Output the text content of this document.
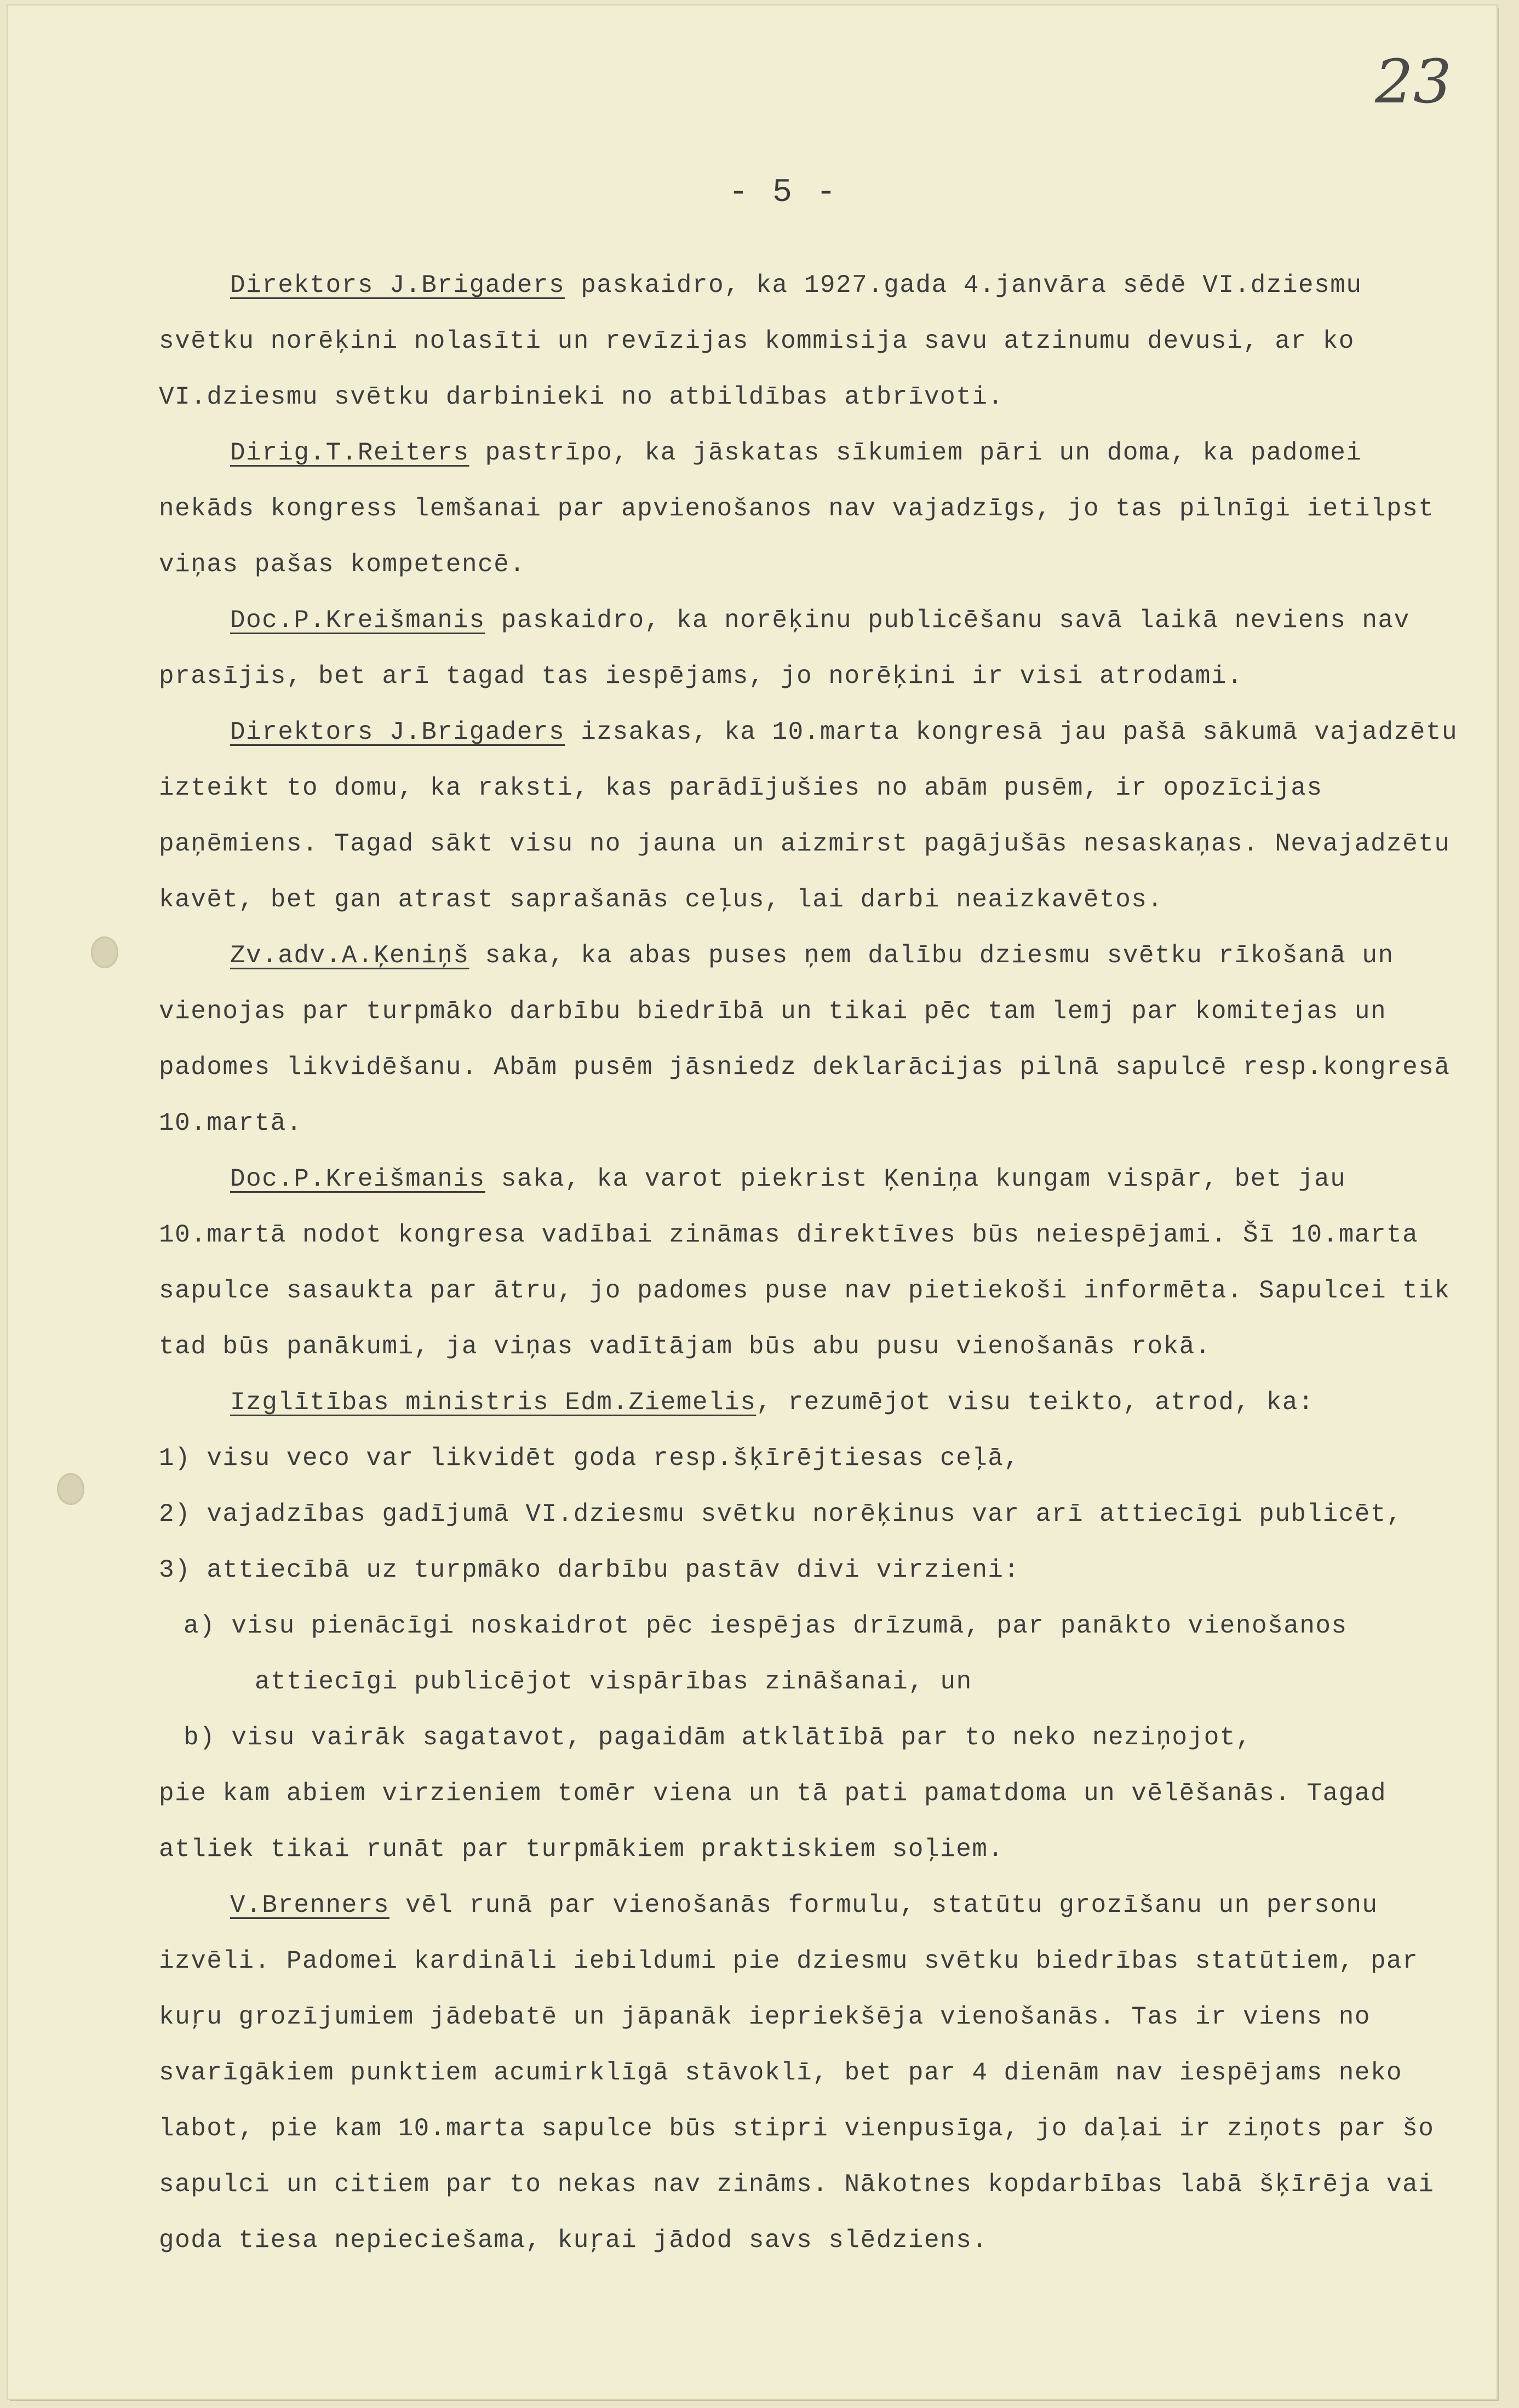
23
- 5 -

Direktors J.Brigaders paskaidro, ka 1927.gada 4.janvāra sēdē VI.dziesmu svētku norēķini nolasīti un revīzijas kommisija savu atzinumu devusi, ar ko VI.dziesmu svētku darbinieki no atbildības atbrīvoti.

Dirig.T.Reiters pastrīpo, ka jāskatas sīkumiem pāri un doma, ka padomei nekāds kongress lemšanai par apvienošanos nav vajadzīgs, jo tas pilnīgi ietilpst viņas pašas kompetencē.

Doc.P.Kreišmanis paskaidro, ka norēķinu publicēšanu savā laikā neviens nav prasījis, bet arī tagad tas iespējams, jo norēķini ir visi atrodami.

Direktors J.Brigaders izsakas, ka 10.marta kongresā jau pašā sākumā vajadzētu izteikt to domu, ka raksti, kas parādījušies no abām pusēm, ir opozīcijas paņēmiens. Tagad sākt visu no jauna un aizmirst pagājušās nesaskaņas. Nevajadzētu kavēt, bet gan atrast saprašanās ceļus, lai darbi neaizkavētos.

Zv.adv.A.Ķeniņš saka, ka abas puses ņem dalību dziesmu svētku rīkošanā un vienojas par turpmāko darbību biedrībā un tikai pēc tam lemj par komitejas un padomes likvidēšanu. Abām pusēm jāsniedz deklarācijas pilnā sapulcē resp.kongresā 10.martā.

Doc.P.Kreišmanis saka, ka varot piekrist Ķeniņa kungam vispār, bet jau 10.martā nodot kongresa vadībai zināmas direktīves būs neiespējami. Šī 10.marta sapulce sasaukta par ātru, jo padomes puse nav pietiekoši informēta. Sapulcei tik tad būs panākumi, ja viņas vadītājam būs abu pusu vienošanās rokā.

Izglītības ministris Edm.Ziemelis, rezumējot visu teikto, atrod, ka:

1) visu veco var likvidēt goda resp.šķīrējtiesas ceļā,

2) vajadzības gadījumā VI.dziesmu svētku norēķinus var arī attiecīgi publicēt,

3) attiecībā uz turpmāko darbību pastāv divi virzieni:

a) visu pienācīgi noskaidrot pēc iespējas drīzumā, par panākto vienošanos
attiecīgi publicējot vispārības zināšanai, un

b) visu vairāk sagatavot, pagaidām atklātībā par to neko neziņojot,

pie kam abiem virzieniem tomēr viena un tā pati pamatdoma un vēlēšanās. Tagad atliek tikai runāt par turpmākiem praktiskiem soļiem.

V.Brenners vēl runā par vienošanās formulu, statūtu grozīšanu un personu izvēli. Padomei kardināli iebildumi pie dziesmu svētku biedrības statūtiem, par kuŗu grozījumiem jādebatē un jāpanāk iepriekšēja vienošanās. Tas ir viens no svarīgākiem punktiem acumirklīgā stāvoklī, bet par 4 dienām nav iespējams neko labot, pie kam 10.marta sapulce būs stipri vienpusīga, jo daļai ir ziņots par šo sapulci un citiem par to nekas nav zināms. Nākotnes kopdarbības labā šķīrēja vai goda tiesa nepieciešama, kuŗai jādod savs slēdziens.
